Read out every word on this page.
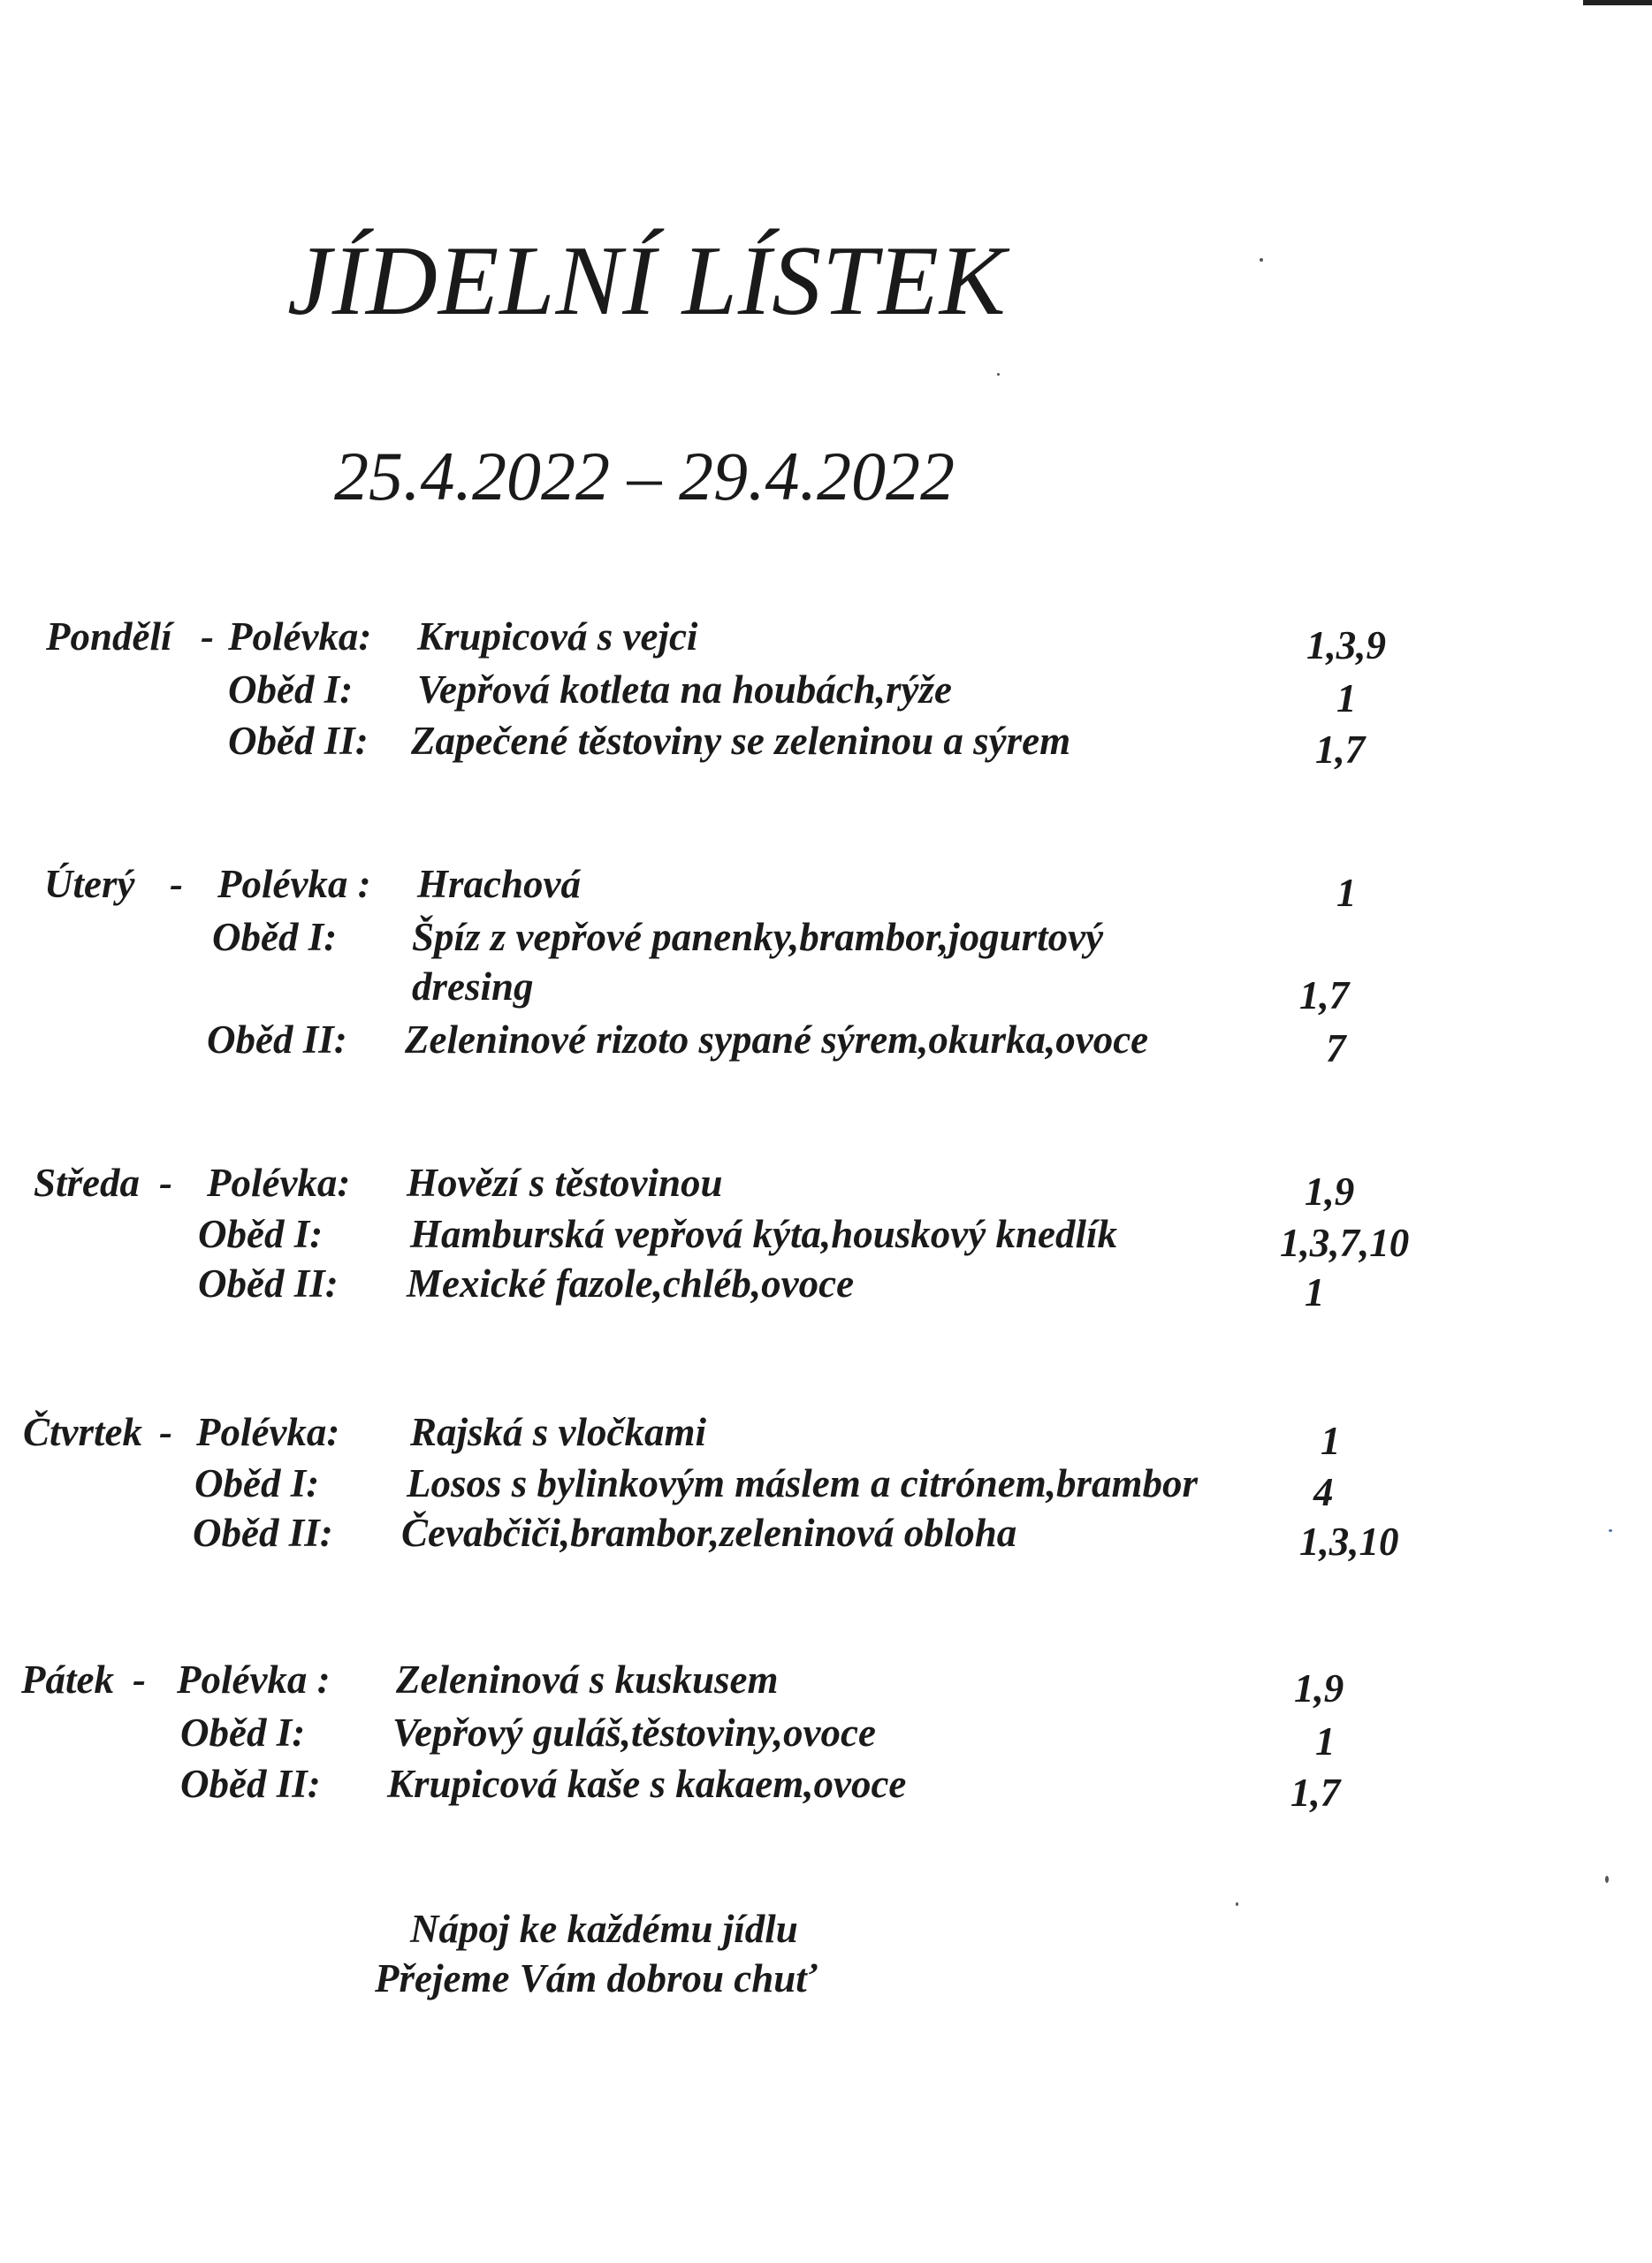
JÍDELNÍ LÍSTEK
25.4.2022 – 29.4.2022
Pondělí - Polévka: Krupicová s vejci	1,3,9
Oběd I: Vepřová kotleta na houbách,rýže	1
Oběd II: Zapečené těstoviny se zeleninou a sýrem	1,7
Úterý - Polévka : Hrachová	1
Oběd I: Špíz z vepřové panenky,brambor,jogurtový
dresing	1,7
Oběd II: Zeleninové rizoto sypané sýrem,okurka,ovoce	7
Středa - Polévka: Hovězí s těstovinou	1,9
Oběd I: Hamburská vepřová kýta,houskový knedlík	1,3,7,10
Oběd II: Mexické fazole,chléb,ovoce	1
Čtvrtek - Polévka: Rajská s vločkami	1
Oběd I: Losos s bylinkovým máslem a citrónem,brambor	4
Oběd II: Čevabčiči,brambor,zeleninová obloha	1,3,10
Pátek - Polévka : Zeleninová s kuskusem	1,9
Oběd I: Vepřový guláš,těstoviny,ovoce	1
Oběd II: Krupicová kaše s kakaem,ovoce	1,7
Nápoj ke každému jídlu
Přejeme Vám dobrou chuť
